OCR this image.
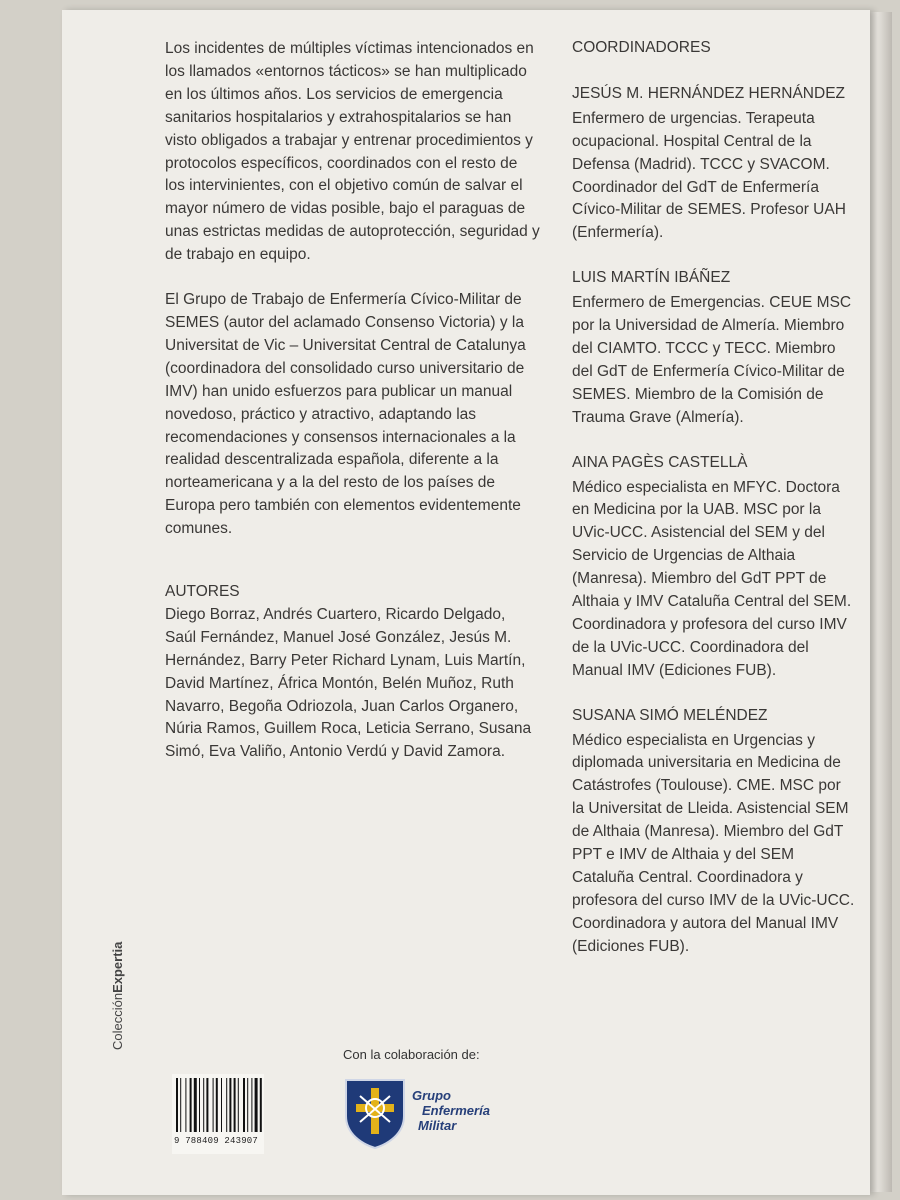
Los incidentes de múltiples víctimas intencionados en los llamados «entornos tácticos» se han multiplicado en los últimos años. Los servicios de emergencia sanitarios hospitalarios y extrahospitalarios se han visto obligados a trabajar y entrenar procedimientos y protocolos específicos, coordinados con el resto de los intervinientes, con el objetivo común de salvar el mayor número de vidas posible, bajo el paraguas de unas estrictas medidas de autoprotección, seguridad y de trabajo en equipo.

El Grupo de Trabajo de Enfermería Cívico-Militar de SEMES (autor del aclamado Consenso Victoria) y la Universitat de Vic – Universitat Central de Catalunya (coordinadora del consolidado curso universitario de IMV) han unido esfuerzos para publicar un manual novedoso, práctico y atractivo, adaptando las recomendaciones y consensos internacionales a la realidad descentralizada española, diferente a la norteamericana y a la del resto de los países de Europa pero también con elementos evidentemente comunes.

AUTORES
Diego Borraz, Andrés Cuartero, Ricardo Delgado, Saúl Fernández, Manuel José González, Jesús M. Hernández, Barry Peter Richard Lynam, Luis Martín, David Martínez, África Montón, Belén Muñoz, Ruth Navarro, Begoña Odriozola, Juan Carlos Organero, Núria Ramos, Guillem Roca, Leticia Serrano, Susana Simó, Eva Valiño, Antonio Verdú y David Zamora.
COORDINADORES
JESÚS M. HERNÁNDEZ HERNÁNDEZ

Enfermero de urgencias. Terapeuta ocupacional. Hospital Central de la Defensa (Madrid). TCCC y SVACOM. Coordinador del GdT de Enfermería Cívico-Militar de SEMES. Profesor UAH (Enfermería).

LUIS MARTÍN IBÁÑEZ

Enfermero de Emergencias. CEUE MSC por la Universidad de Almería. Miembro del CIAMTO. TCCC y TECC. Miembro del GdT de Enfermería Cívico-Militar de SEMES. Miembro de la Comisión de Trauma Grave (Almería).

AINA PAGÈS CASTELLÀ

Médico especialista en MFYC. Doctora en Medicina por la UAB. MSC por la UVic-UCC. Asistencial del SEM y del Servicio de Urgencias de Althaia (Manresa). Miembro del GdT PPT de Althaia y IMV Cataluña Central del SEM. Coordinadora y profesora del curso IMV de la UVic-UCC. Coordinadora del Manual IMV (Ediciones FUB).

SUSANA SIMÓ MELÉNDEZ

Médico especialista en Urgencias y diplomada universitaria en Medicina de Catástrofes (Toulouse). CME. MSC por la Universitat de Lleida. Asistencial SEM de Althaia (Manresa). Miembro del GdT PPT e IMV de Althaia y del SEM Cataluña Central. Coordinadora y profesora del curso IMV de la UVic-UCC. Coordinadora y autora del Manual IMV (Ediciones FUB).

ColecciónExpertia
Con la colaboración de:
9 788409 243907
Grupo
Enfermería
Militar
